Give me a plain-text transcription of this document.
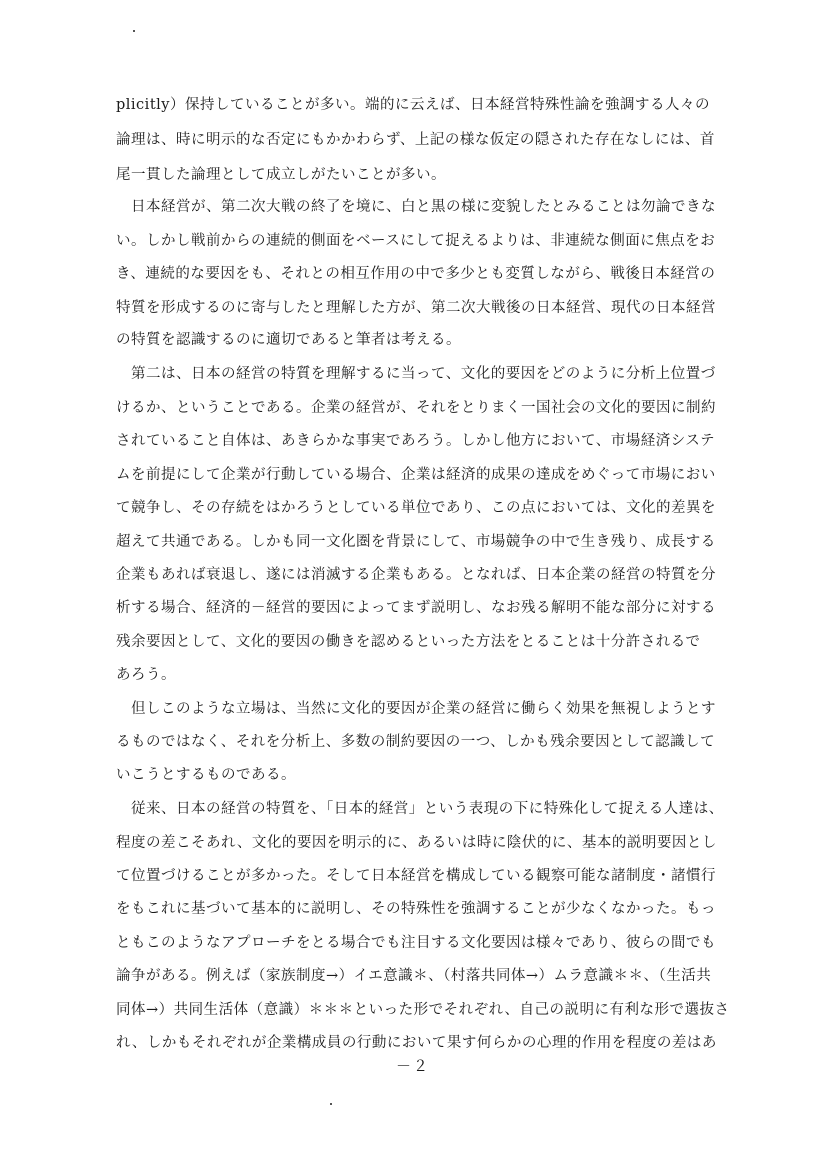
plicitly）保持していることが多い。端的に云えば、日本経営特殊性論を強調する人々の
論理は、時に明示的な否定にもかかわらず、上記の様な仮定の隠された存在なしには、首
尾一貫した論理として成立しがたいことが多い。
　日本経営が、第二次大戦の終了を境に、白と黒の様に変貌したとみることは勿論できな
い。しかし戦前からの連続的側面をベースにして捉えるよりは、非連続な側面に焦点をお
き、連続的な要因をも、それとの相互作用の中で多少とも変質しながら、戦後日本経営の
特質を形成するのに寄与したと理解した方が、第二次大戦後の日本経営、現代の日本経営
の特質を認識するのに適切であると筆者は考える。
　第二は、日本の経営の特質を理解するに当って、文化的要因をどのように分析上位置づ
けるか、ということである。企業の経営が、それをとりまく一国社会の文化的要因に制約
されていること自体は、あきらかな事実であろう。しかし他方において、市場経済システ
ムを前提にして企業が行動している場合、企業は経済的成果の達成をめぐって市場におい
て競争し、その存続をはかろうとしている単位であり、この点においては、文化的差異を
超えて共通である。しかも同一文化圏を背景にして、市場競争の中で生き残り、成長する
企業もあれば衰退し、遂には消滅する企業もある。となれば、日本企業の経営の特質を分
析する場合、経済的－経営的要因によってまず説明し、なお残る解明不能な部分に対する
残余要因として、文化的要因の働きを認めるといった方法をとることは十分許されるで
あろう。
　但しこのような立場は、当然に文化的要因が企業の経営に働らく効果を無視しようとす
るものではなく、それを分析上、多数の制約要因の一つ、しかも残余要因として認識して
いこうとするものである。
　従来、日本の経営の特質を、「日本的経営」という表現の下に特殊化して捉える人達は、
程度の差こそあれ、文化的要因を明示的に、あるいは時に陰伏的に、基本的説明要因とし
て位置づけることが多かった。そして日本経営を構成している観察可能な諸制度・諸慣行
をもこれに基づいて基本的に説明し、その特殊性を強調することが少なくなかった。もっ
ともこのようなアプローチをとる場合でも注目する文化要因は様々であり、彼らの間でも
論争がある。例えば（家族制度→）イエ意識＊、（村落共同体→）ムラ意識＊＊、（生活共
同体→）共同生活体（意識）＊＊＊といった形でそれぞれ、自己の説明に有利な形で選抜さ
れ、しかもそれぞれが企業構成員の行動において果す何らかの心理的作用を程度の差はあ
－２
